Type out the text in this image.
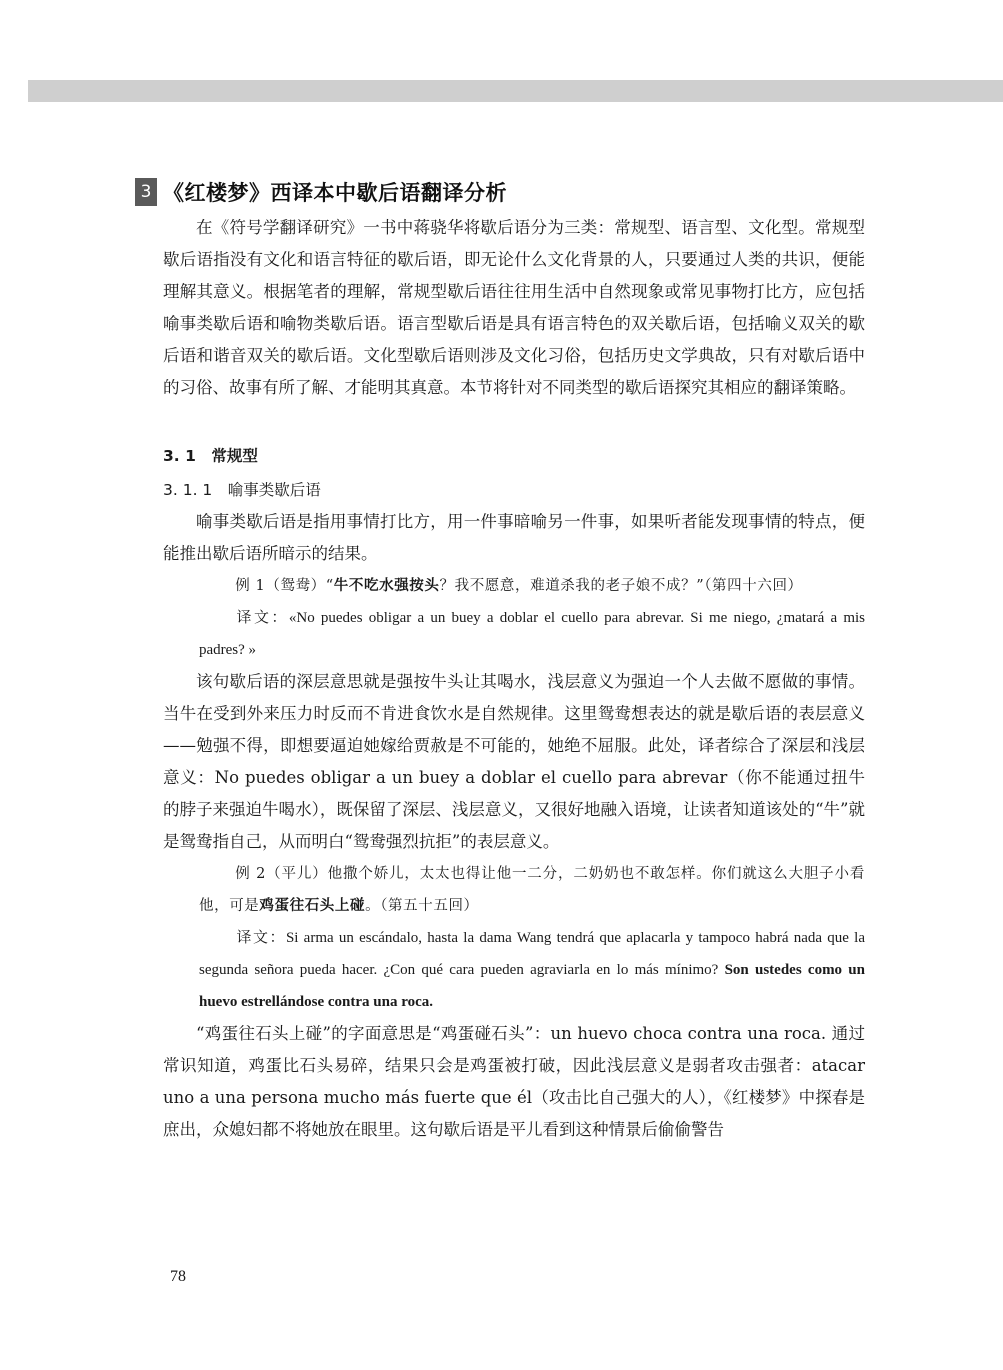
3 《红楼梦》西译本中歇后语翻译分析

在《符号学翻译研究》一书中蒋骁华将歇后语分为三类：常规型、语言型、文化型。常规型歇后语指没有文化和语言特征的歇后语，即无论什么文化背景的人，只要通过人类的共识，便能理解其意义。根据笔者的理解，常规型歇后语往往用生活中自然现象或常见事物打比方，应包括喻事类歇后语和喻物类歇后语。语言型歇后语是具有语言特色的双关歇后语，包括喻义双关的歇后语和谐音双关的歇后语。文化型歇后语则涉及文化习俗，包括历史文学典故，只有对歇后语中的习俗、故事有所了解、才能明其真意。本节将针对不同类型的歇后语探究其相应的翻译策略。

3. 1　常规型
3. 1. 1　喻事类歇后语

喻事类歇后语是指用事情打比方，用一件事暗喻另一件事，如果听者能发现事情的特点，便能推出歇后语所暗示的结果。

例 1（鸳鸯）“牛不吃水强按头？我不愿意，难道杀我的老子娘不成？”（第四十六回）

译文：«No puedes obligar a un buey a doblar el cuello para abrevar. Si me niego, ¿matará a mis padres? »

该句歇后语的深层意思就是强按牛头让其喝水，浅层意义为强迫一个人去做不愿做的事情。当牛在受到外来压力时反而不肯进食饮水是自然规律。这里鸳鸯想表达的就是歇后语的表层意义——勉强不得，即想要逼迫她嫁给贾赦是不可能的，她绝不屈服。此处，译者综合了深层和浅层意义：No puedes obligar a un buey a doblar el cuello para abrevar（你不能通过扭牛的脖子来强迫牛喝水），既保留了深层、浅层意义，又很好地融入语境，让读者知道该处的“牛”就是鸳鸯指自己，从而明白“鸳鸯强烈抗拒”的表层意义。

例 2（平儿）他撒个娇儿，太太也得让他一二分，二奶奶也不敢怎样。你们就这么大胆子小看他，可是鸡蛋往石头上碰。（第五十五回）

译文：Si arma un escándalo, hasta la dama Wang tendrá que aplacarla y tampoco habrá nada que la segunda señora pueda hacer. ¿Con qué cara pueden agraviarla en lo más mínimo? Son ustedes como un huevo estrellándose contra una roca.

“鸡蛋往石头上碰”的字面意思是“鸡蛋碰石头”：un huevo choca contra una roca. 通过常识知道，鸡蛋比石头易碎，结果只会是鸡蛋被打破，因此浅层意义是弱者攻击强者：atacar uno a una persona mucho más fuerte que él（攻击比自己强大的人），《红楼梦》中探春是庶出，众媳妇都不将她放在眼里。这句歇后语是平儿看到这种情景后偷偷警告

78
